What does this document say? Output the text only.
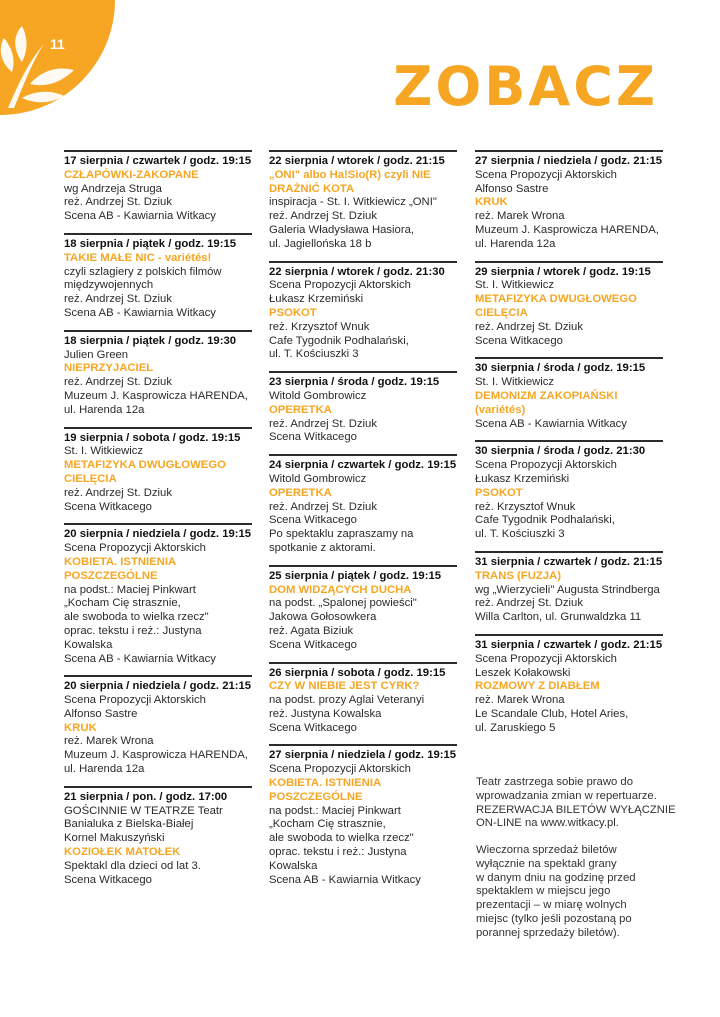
11
ZOBACZ
17 sierpnia / czwartek / godz. 19:15
CZŁAPÓWKI-ZAKOPANE
wg Andrzeja Struga
reż. Andrzej St. Dziuk
Scena AB - Kawiarnia Witkacy
18 sierpnia / piątek / godz. 19:15
TAKIE MAŁE NIC - variétés!
czyli szlagiery z polskich filmów
międzywojennych
reż. Andrzej St. Dziuk
Scena AB - Kawiarnia Witkacy
18 sierpnia / piątek / godz. 19:30
Julien Green
NIEPRZYJACIEL
reż. Andrzej St. Dziuk
Muzeum J. Kasprowicza HARENDA,
ul. Harenda 12a
19 sierpnia / sobota / godz. 19:15
St. I. Witkiewicz
METAFIZYKA DWUGŁOWEGO
CIELĘCIA
reż. Andrzej St. Dziuk
Scena Witkacego
20 sierpnia / niedziela / godz. 19:15
Scena Propozycji Aktorskich
KOBIETA. ISTNIENIA
POSZCZEGÓLNE
na podst.: Maciej Pinkwart
„Kocham Cię strasznie,
ale swoboda to wielka rzecz"
oprac. tekstu i reż.: Justyna
Kowalska
Scena AB - Kawiarnia Witkacy
20 sierpnia / niedziela / godz. 21:15
Scena Propozycji Aktorskich
Alfonso Sastre
KRUK
reż. Marek Wrona
Muzeum J. Kasprowicza HARENDA,
ul. Harenda 12a
21 sierpnia / pon. / godz. 17:00
GOŚCINNIE W TEATRZE Teatr
Banialuka z Bielska-Białej
Kornel Makuszyński
KOZIOŁEK MATOŁEK
Spektakl dla dzieci od lat 3.
Scena Witkacego
22 sierpnia / wtorek / godz. 21:15
„ONI" albo Ha!Sio(R) czyli NIE
DRAŻNIĆ KOTA
inspiracja - St. I. Witkiewicz „ONI"
reż. Andrzej St. Dziuk
Galeria Władysława Hasiora,
ul. Jagiellońska 18 b
22 sierpnia / wtorek / godz. 21:30
Scena Propozycji Aktorskich
Łukasz Krzemiński
PSOKOT
reż. Krzysztof Wnuk
Cafe Tygodnik Podhalański,
ul. T. Kościuszki 3
23 sierpnia / środa / godz. 19:15
Witold Gombrowicz
OPERETKA
reż. Andrzej St. Dziuk
Scena Witkacego
24 sierpnia / czwartek / godz. 19:15
Witold Gombrowicz
OPERETKA
reż. Andrzej St. Dziuk
Scena Witkacego
Po spektaklu zapraszamy na
spotkanie z aktorami.
25 sierpnia / piątek / godz. 19:15
DOM WIDZĄCYCH DUCHA
na podst. „Spalonej powieści"
Jakowa Gołosowkera
reż. Agata Biziuk
Scena Witkacego
26 sierpnia / sobota / godz. 19:15
CZY W NIEBIE JEST CYRK?
na podst. prozy Aglai Veteranyi
reż. Justyna Kowalska
Scena Witkacego
27 sierpnia / niedziela / godz. 19:15
Scena Propozycji Aktorskich
KOBIETA. ISTNIENIA
POSZCZEGÓLNE
na podst.: Maciej Pinkwart
„Kocham Cię strasznie,
ale swoboda to wielka rzecz"
oprac. tekstu i reż.: Justyna
Kowalska
Scena AB - Kawiarnia Witkacy
27 sierpnia / niedziela / godz. 21:15
Scena Propozycji Aktorskich
Alfonso Sastre
KRUK
reż. Marek Wrona
Muzeum J. Kasprowicza HARENDA,
ul. Harenda 12a
29 sierpnia / wtorek / godz. 19:15
St. I. Witkiewicz
METAFIZYKA DWUGŁOWEGO
CIELĘCIA
reż. Andrzej St. Dziuk
Scena Witkacego
30 sierpnia / środa / godz. 19:15
St. I. Witkiewicz
DEMONIZM ZAKOPIAŃSKI
(variétés)
Scena AB - Kawiarnia Witkacy
30 sierpnia / środa / godz. 21:30
Scena Propozycji Aktorskich
Łukasz Krzemiński
PSOKOT
reż. Krzysztof Wnuk
Cafe Tygodnik Podhalański,
ul. T. Kościuszki 3
31 sierpnia / czwartek / godz. 21:15
TRANS (FUZJA)
wg „Wierzycieli" Augusta Strindberga
reż. Andrzej St. Dziuk
Willa Carlton, ul. Grunwaldzka 11
31 sierpnia / czwartek / godz. 21:15
Scena Propozycji Aktorskich
Leszek Kołakowski
ROZMOWY Z DIABŁEM
reż. Marek Wrona
Le Scandale Club, Hotel Aries,
ul. Zaruskiego 5
Teatr zastrzega sobie prawo do
wprowadzania zmian w repertuarze.
REZERWACJA BILETÓW WYŁĄCZNIE
ON-LINE na www.witkacy.pl.
Wieczorna sprzedaż biletów
wyłącznie na spektakl grany
w danym dniu na godzinę przed
spektaklem w miejscu jego
prezentacji – w miarę wolnych
miejsc (tylko jeśli pozostaną po
porannej sprzedaży biletów).
